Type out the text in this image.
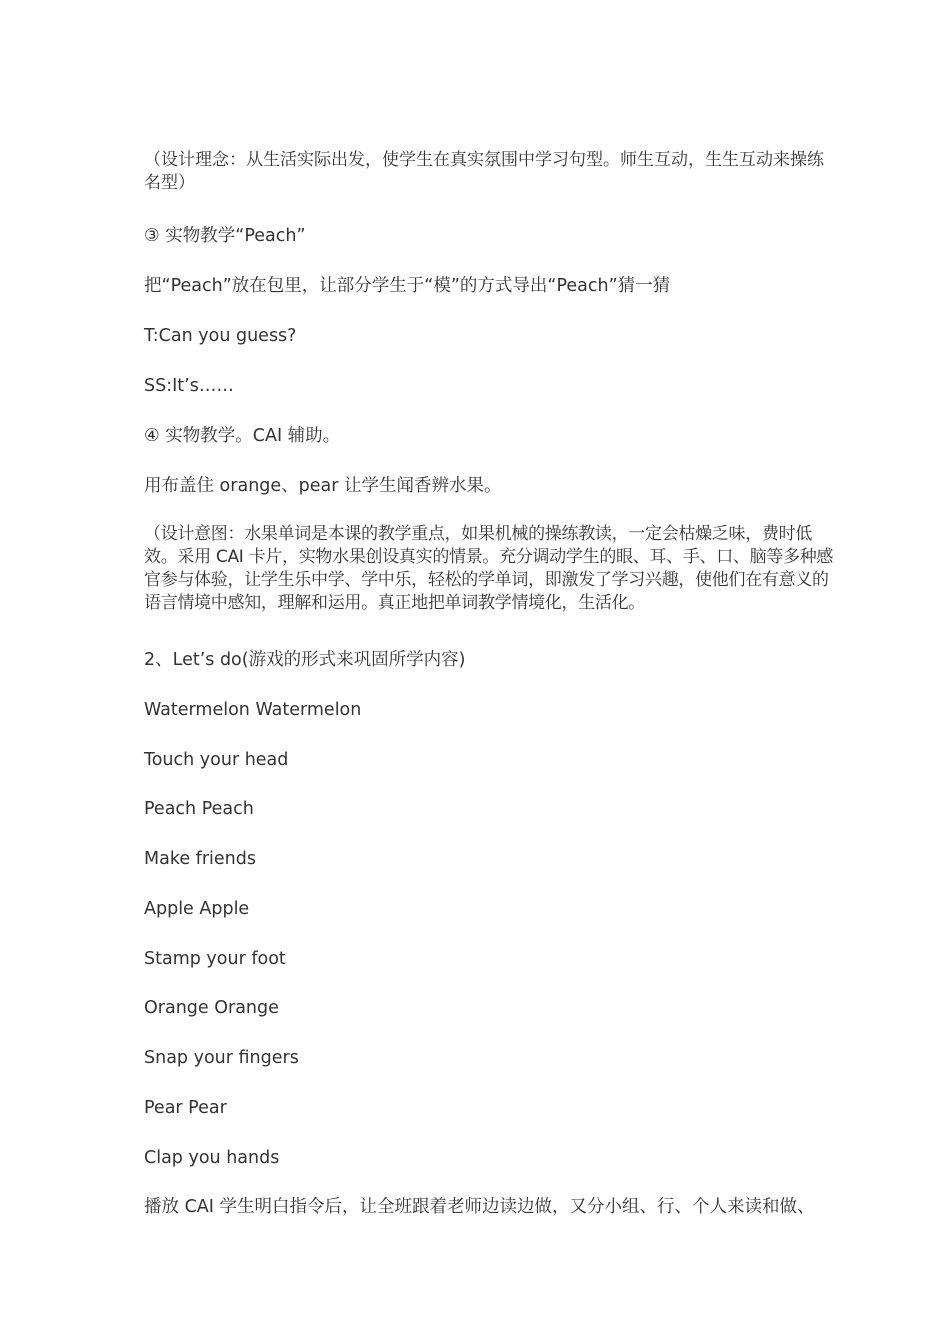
（设计理念：从生活实际出发，使学生在真实氛围中学习句型。师生互动，生生互动来操练名型）

③ 实物教学“Peach”

把“Peach”放在包里，让部分学生于“模”的方式导出“Peach”猜一猜

T:Can you guess?

SS:It’s……

④ 实物教学。CAI 辅助。

用布盖住 orange、pear 让学生闻香辨水果。

（设计意图：水果单词是本课的教学重点，如果机械的操练教读，一定会枯燥乏味，费时低效。采用 CAI 卡片，实物水果创设真实的情景。充分调动学生的眼、耳、手、口、脑等多种感官参与体验，让学生乐中学、学中乐，轻松的学单词，即激发了学习兴趣，使他们在有意义的语言情境中感知，理解和运用。真正地把单词教学情境化，生活化。

2、Let’s do(游戏的形式来巩固所学内容)

Watermelon Watermelon

Touch your head

Peach Peach

Make friends

Apple Apple

Stamp your foot

Orange Orange

Snap your fingers

Pear Pear

Clap you hands

播放 CAI 学生明白指令后，让全班跟着老师边读边做，又分小组、行、个人来读和做、
